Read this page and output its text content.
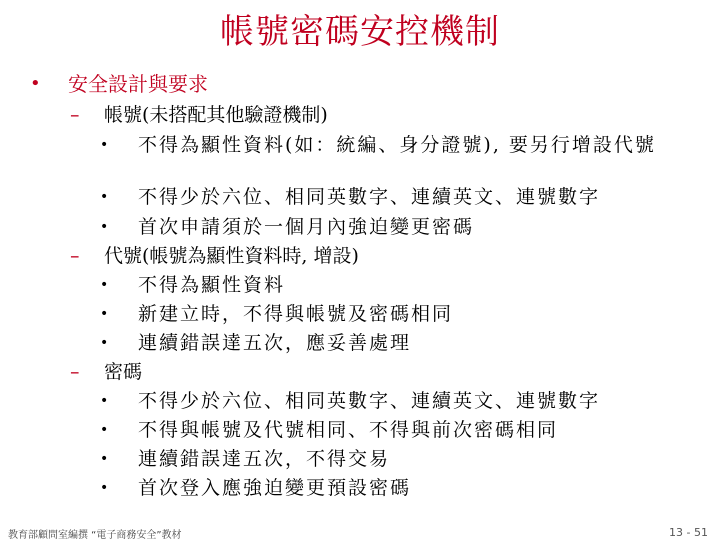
帳號密碼安控機制
• 安全設計與要求
– 帳號(未搭配其他驗證機制)
• 不得為顯性資料(如：統編、身分證號), 要另行增設代號
• 不得少於六位、相同英數字、連續英文、連號數字
• 首次申請須於一個月內強迫變更密碼
– 代號(帳號為顯性資料時, 增設)
• 不得為顯性資料
• 新建立時，不得與帳號及密碼相同
• 連續錯誤達五次，應妥善處理
– 密碼
• 不得少於六位、相同英數字、連續英文、連號數字
• 不得與帳號及代號相同、不得與前次密碼相同
• 連續錯誤達五次，不得交易
• 首次登入應強迫變更預設密碼
教育部顧問室編撰 “電子商務安全”教材	13 - 51
